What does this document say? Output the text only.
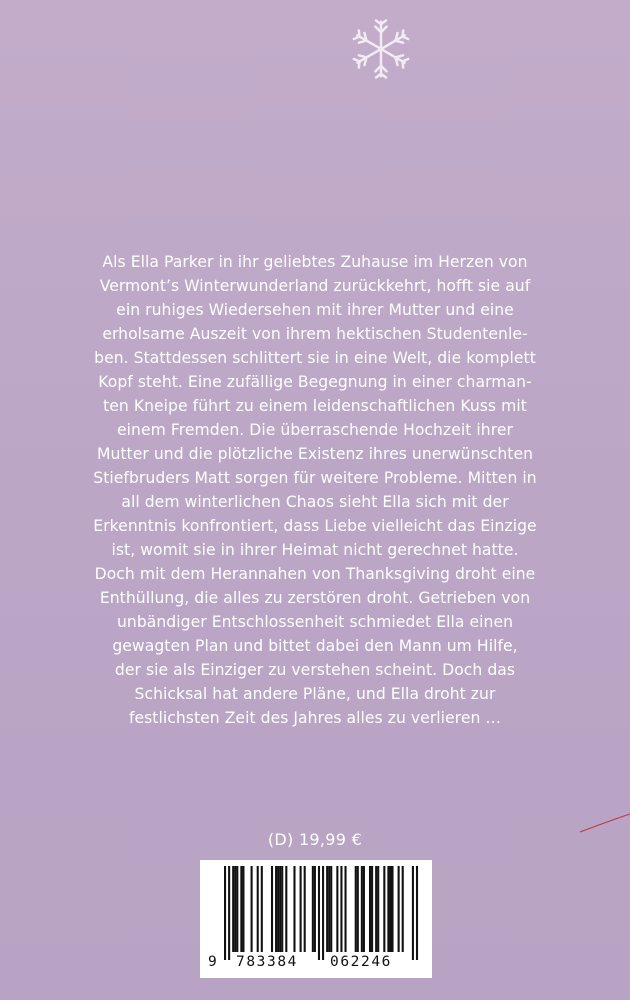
Als Ella Parker in ihr geliebtes Zuhause im Herzen von
Vermont’s Winterwunderland zurückkehrt, hofft sie auf
ein ruhiges Wiedersehen mit ihrer Mutter und eine
erholsame Auszeit von ihrem hektischen Studentenle-
ben. Stattdessen schlittert sie in eine Welt, die komplett
Kopf steht. Eine zufällige Begegnung in einer charman-
ten Kneipe führt zu einem leidenschaftlichen Kuss mit
einem Fremden. Die überraschende Hochzeit ihrer
Mutter und die plötzliche Existenz ihres unerwünschten
Stiefbruders Matt sorgen für weitere Probleme. Mitten in
all dem winterlichen Chaos sieht Ella sich mit der
Erkenntnis konfrontiert, dass Liebe vielleicht das Einzige
ist, womit sie in ihrer Heimat nicht gerechnet hatte.
Doch mit dem Herannahen von Thanksgiving droht eine
Enthüllung, die alles zu zerstören droht. Getrieben von
unbändiger Entschlossenheit schmiedet Ella einen
gewagten Plan und bittet dabei den Mann um Hilfe,
der sie als Einziger zu verstehen scheint. Doch das
Schicksal hat andere Pläne, und Ella droht zur
festlichsten Zeit des Jahres alles zu verlieren …
(D) 19,99 €
9 783384 062246
